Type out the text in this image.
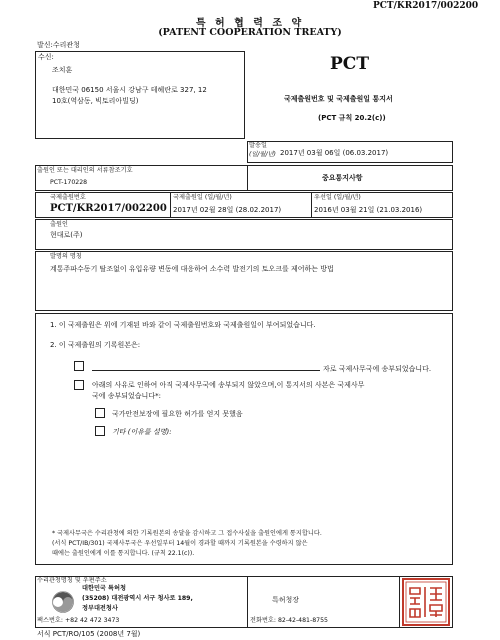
PCT/KR2017/002200
특 허 협 력 조 약
(PATENT COOPERATION TREATY)
발신:수리관청
수신:
조치훈
대한민국 06150 서울시 강남구 테헤란로 327, 12
10호(역삼동, 빅토리아빌딩)
PCT
국제출원번호 및 국제출원일 통지서
(PCT 규칙 20.2(c))
발송일
(일/월/년) 2017년 03월 06일 (06.03.2017)
출원인 또는 대리인의 서류참조기호
PCT-170228
중요통지사항
국제출원번호
PCT/KR2017/002200
국제출원일 (일/월/년)
2017년 02월 28일 (28.02.2017)
우선일 (일/월/년)
2016년 03월 21일 (21.03.2016)
출원인
현대로(주)
발명의 명칭
계통주파수동기 탈조없이 유입유량 변동에 대응하여 소수력 발전기의 토오크를 제어하는 방법
1. 이 국제출원은 위에 기재된 바와 같이 국제출원번호와 국제출원일이 부여되었습니다.
2. 이 국제출원의 기록원본은:
자로 국제사무국에 송부되었습니다.
아래의 사유로 인하여 아직 국제사무국에 송부되지 않았으며,이 통지서의 사본은 국제사무
국에 송부되었습니다*:
국가안전보장에 필요한 허가를 얻지 못했음
기타 (이유를 설명):
* 국제사무국은 수리관청에 의한 기록원본의 송달을 감시하고 그 접수사실을 출원인에게 통지합니다.
(서식 PCT/IB/301) 국제사무국은 우선일부터 14월이 경과할 때까지 기록원본을 수령하지 않은
때에는 출원인에게 이를 통지합니다. (규칙 22.1(c)).
수리관청명칭 및 우편주소
대한민국 특허청
(35208) 대전광역시 서구 청사로 189,
정부대전청사
팩스번호: +82 42 472 3473
특허청장
전화번호: 82-42-481-8755
서식 PCT/RO/105 (2008년 7월)
